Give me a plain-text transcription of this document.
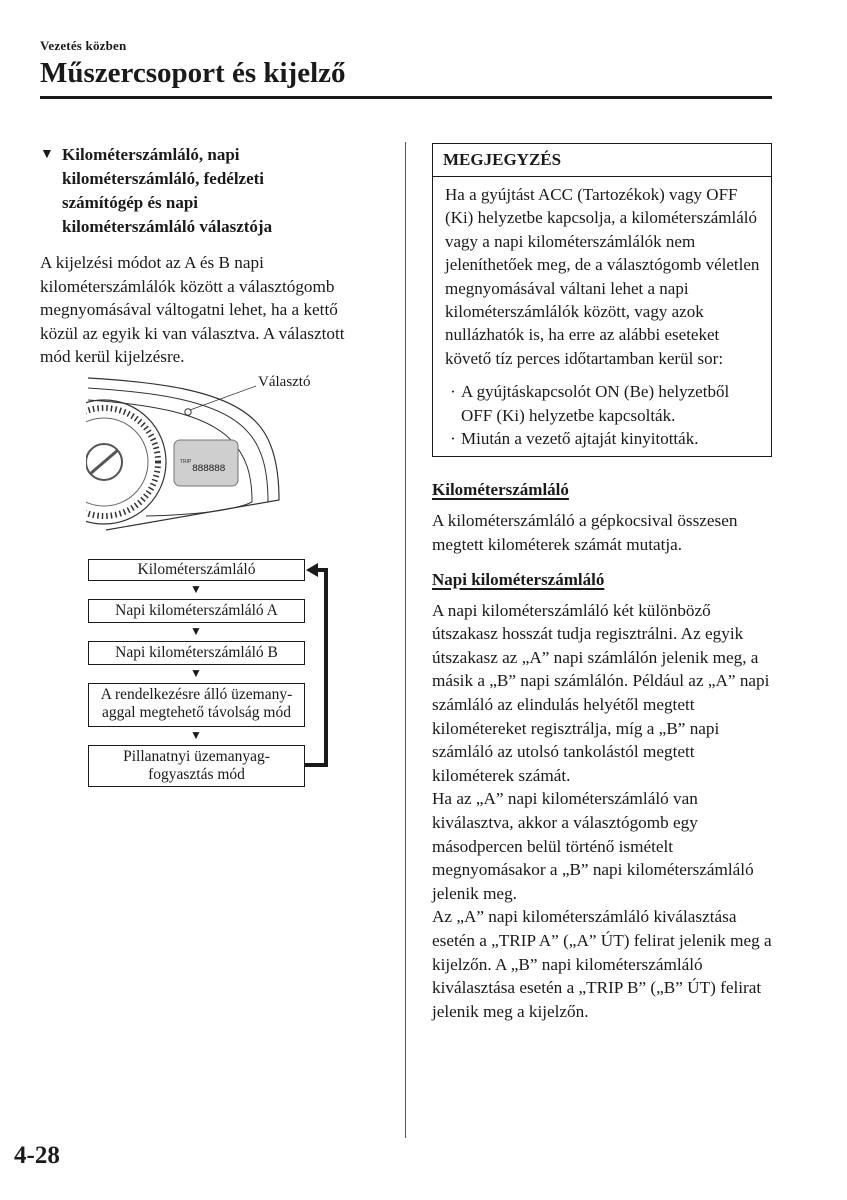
Vezetés közben
Műszercsoport és kijelző
▼ Kilométerszámláló, napi
kilométerszámláló, fedélzeti
számítógép és napi
kilométerszámláló választója

A kijelzési módot az A és B napi kilométerszámlálók között a választógomb megnyomásával váltogatni lehet, ha a kettő közül az egyik ki van választva. A választott mód kerül kijelzésre.

TRIP
888888
Választó
Kilométerszámláló
▼
Napi kilométerszámláló A
▼
Napi kilométerszámláló B
▼
A rendelkezésre álló üzemany-
aggal megtehető távolság mód
▼
Pillanatnyi üzemanyag-
fogyasztás mód
MEGJEGYZÉS
Ha a gyújtást ACC (Tartozékok) vagy OFF (Ki) helyzetbe kapcsolja, a kilométerszámláló vagy a napi kilométerszámlálók nem jeleníthetőek meg, de a választógomb véletlen megnyomásával váltani lehet a napi kilométerszámlálók között, vagy azok nullázhatók is, ha erre az alábbi eseteket követő tíz perces időtartamban kerül sor:
· A gyújtáskapcsolót ON (Be) helyzetből OFF (Ki) helyzetbe kapcsolták.
· Miután a vezető ajtaját kinyitották.
Kilométerszámláló

A kilométerszámláló a gépkocsival összesen megtett kilométerek számát mutatja.

Napi kilométerszámláló

A napi kilométerszámláló két különböző útszakasz hosszát tudja regisztrálni. Az egyik útszakasz az „A” napi számlálón jelenik meg, a másik a „B” napi számlálón. Például az „A” napi számláló az elindulás helyétől megtett kilométereket regisztrálja, míg a „B” napi számláló az utolsó tankolástól megtett kilométerek számát.

Ha az „A” napi kilométerszámláló van kiválasztva, akkor a választógomb egy másodpercen belül történő ismételt megnyomásakor a „B” napi kilométerszámláló jelenik meg.

Az „A” napi kilométerszámláló kiválasztása esetén a „TRIP A” („A” ÚT) felirat jelenik meg a kijelzőn. A „B” napi kilométerszámláló kiválasztása esetén a „TRIP B” („B” ÚT) felirat jelenik meg a kijelzőn.

4-28
